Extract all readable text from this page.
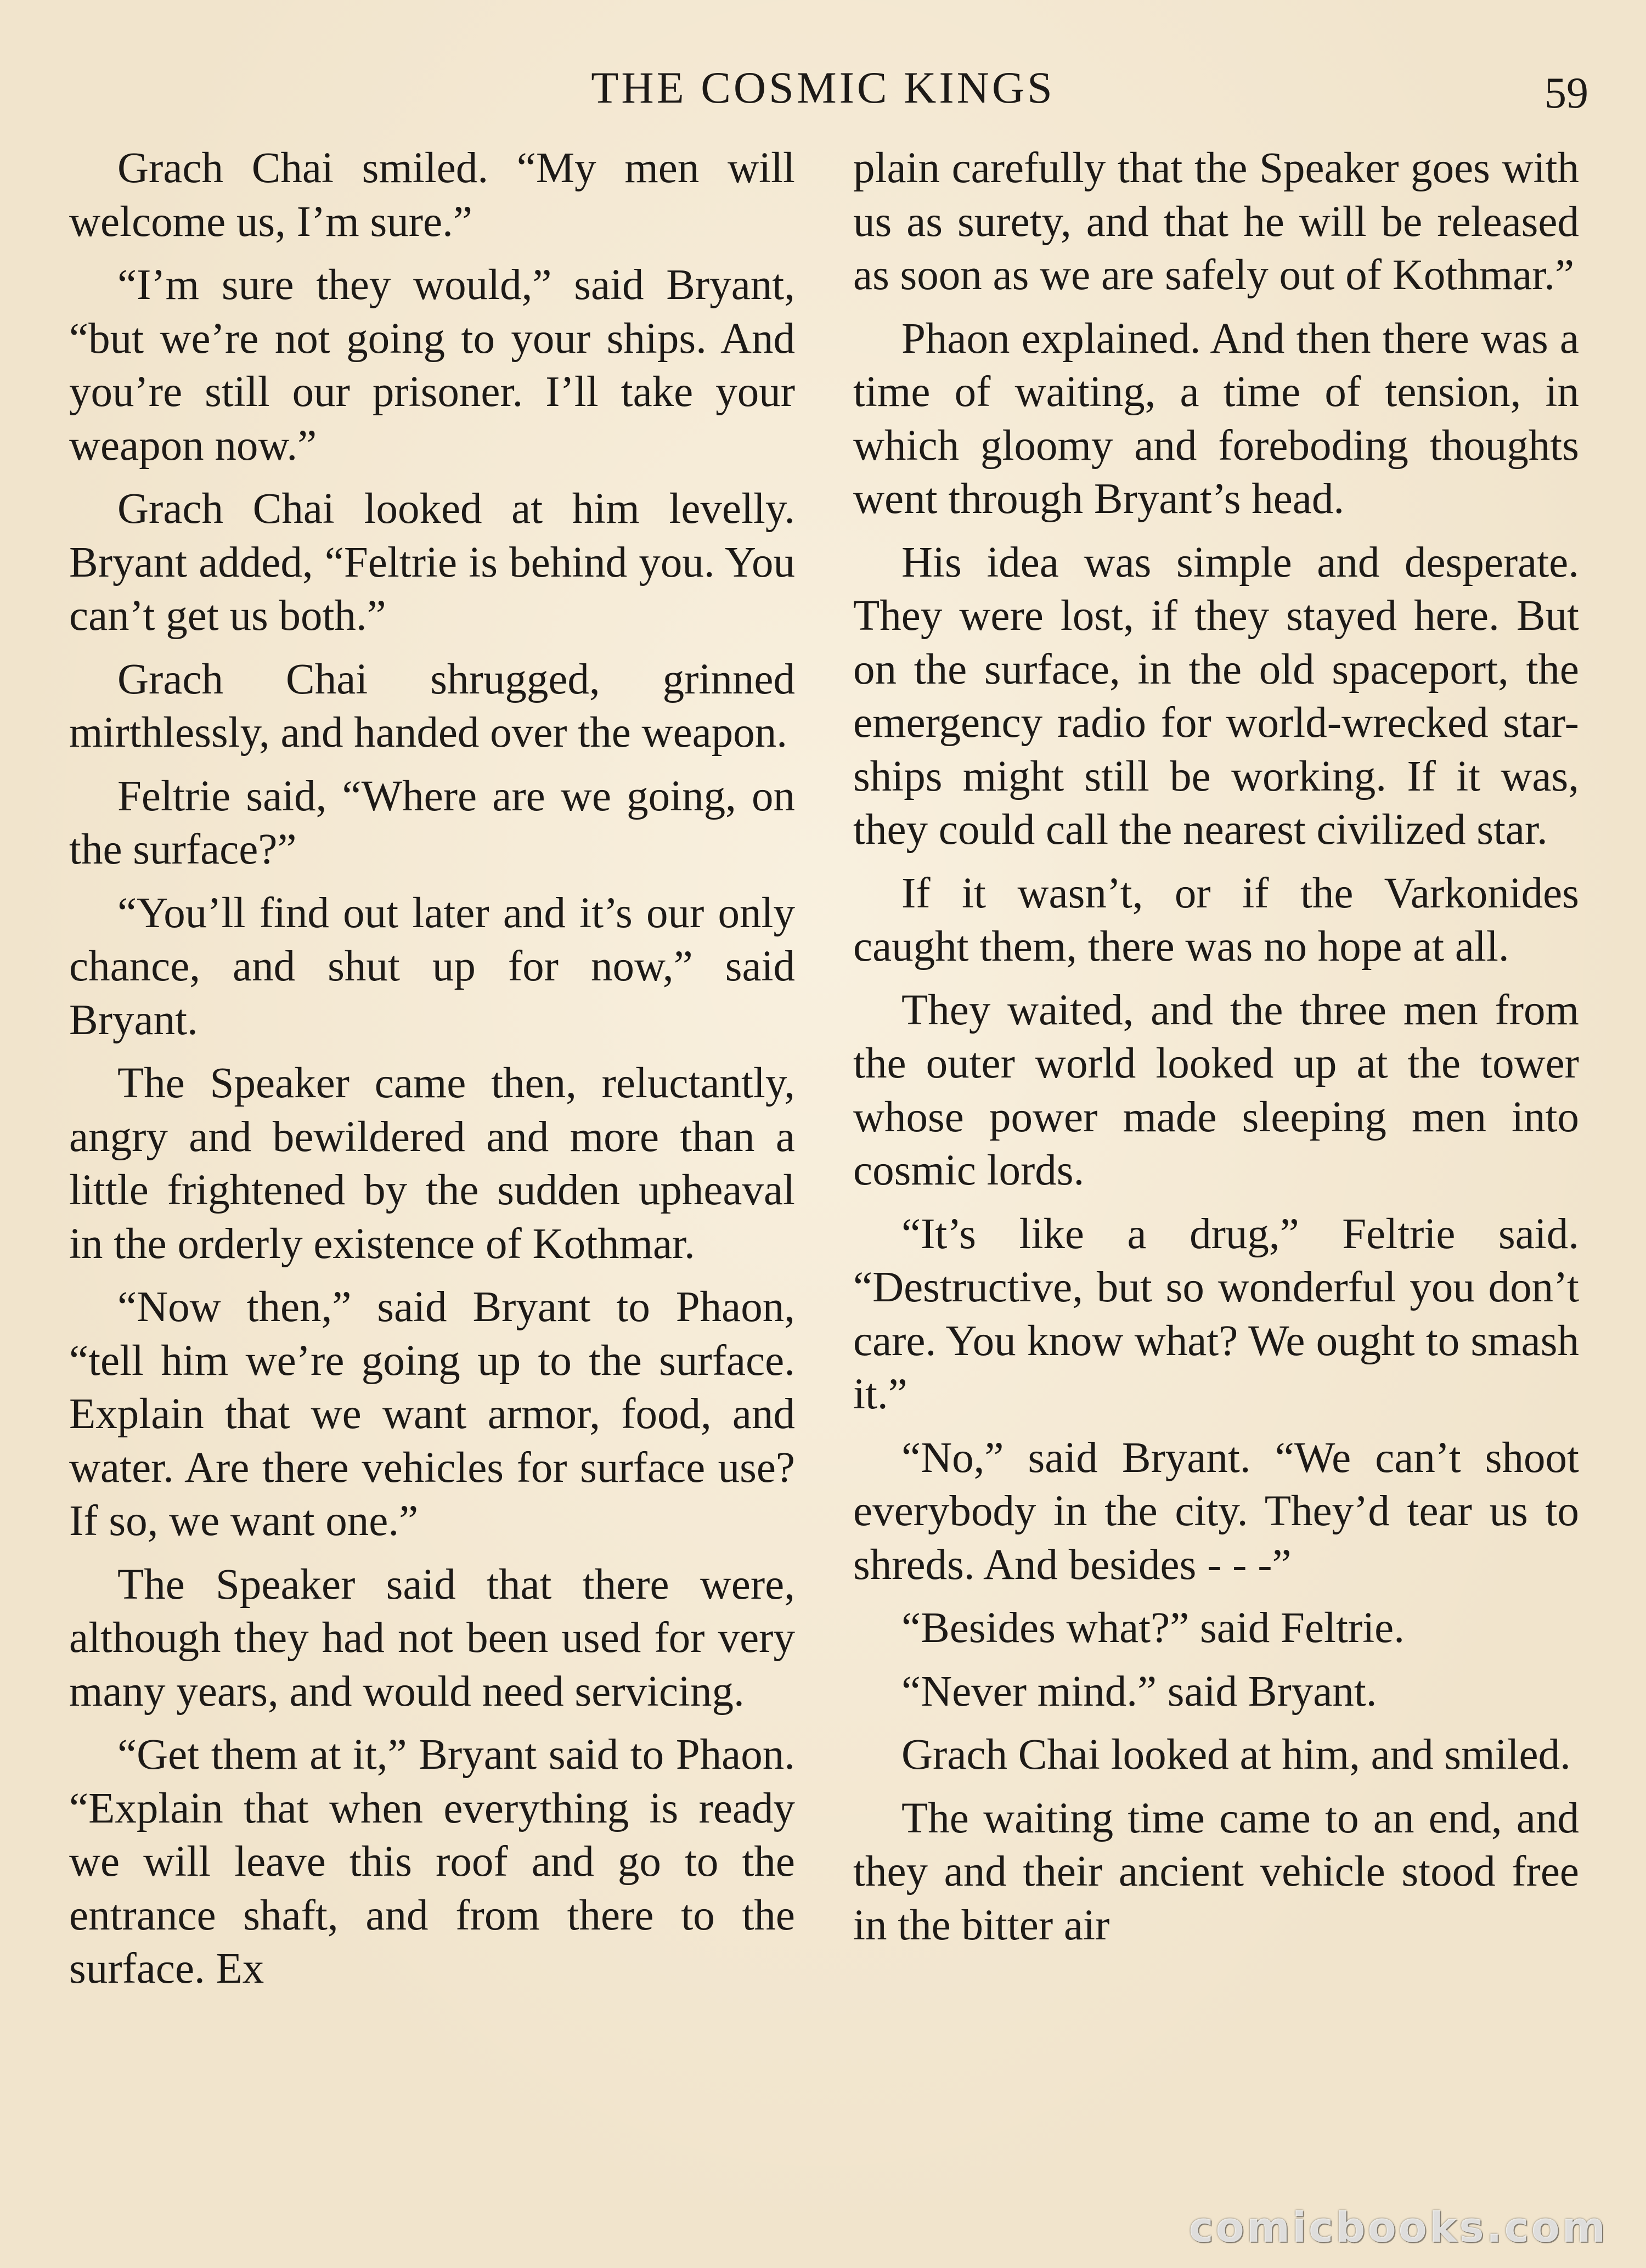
THE COSMIC KINGS	59

Grach Chai smiled. “My men will welcome us, I’m sure.”

“I’m sure they would,” said Bryant, “but we’re not going to your ships. And you’re still our prisoner. I’ll take your weapon now.”

Grach Chai looked at him levelly. Bryant added, “Feltrie is behind you. You can’t get us both.”

Grach Chai shrugged, grinned mirthlessly, and handed over the weapon.

Feltrie said, “Where are we going, on the surface?”

“You’ll find out later and it’s our only chance, and shut up for now,” said Bryant.

The Speaker came then, reluctantly, angry and bewildered and more than a little frightened by the sudden upheaval in the orderly existence of Kothmar.

“Now then,” said Bryant to Phaon, “tell him we’re going up to the surface. Explain that we want armor, food, and water. Are there vehicles for surface use? If so, we want one.”

The Speaker said that there were, although they had not been used for very many years, and would need servicing.

“Get them at it,” Bryant said to Phaon. “Explain that when everything is ready we will leave this roof and go to the entrance shaft, and from there to the surface. Ex

plain carefully that the Speaker goes with us as surety, and that he will be released as soon as we are safely out of Kothmar.”

Phaon explained. And then there was a time of waiting, a time of tension, in which gloomy and foreboding thoughts went through Bryant’s head.

His idea was simple and desperate. They were lost, if they stayed here. But on the surface, in the old spaceport, the emergency radio for world-wrecked star-ships might still be working. If it was, they could call the nearest civilized star.

If it wasn’t, or if the Varkonides caught them, there was no hope at all.

They waited, and the three men from the outer world looked up at the tower whose power made sleeping men into cosmic lords.

“It’s like a drug,” Feltrie said. “Destructive, but so wonderful you don’t care. You know what? We ought to smash it.”

“No,” said Bryant. “We can’t shoot everybody in the city. They’d tear us to shreds. And besides - - -”

“Besides what?” said Feltrie.

“Never mind.” said Bryant.

Grach Chai looked at him, and smiled.

The waiting time came to an end, and they and their ancient vehicle stood free in the bitter air

comicbooks.com
